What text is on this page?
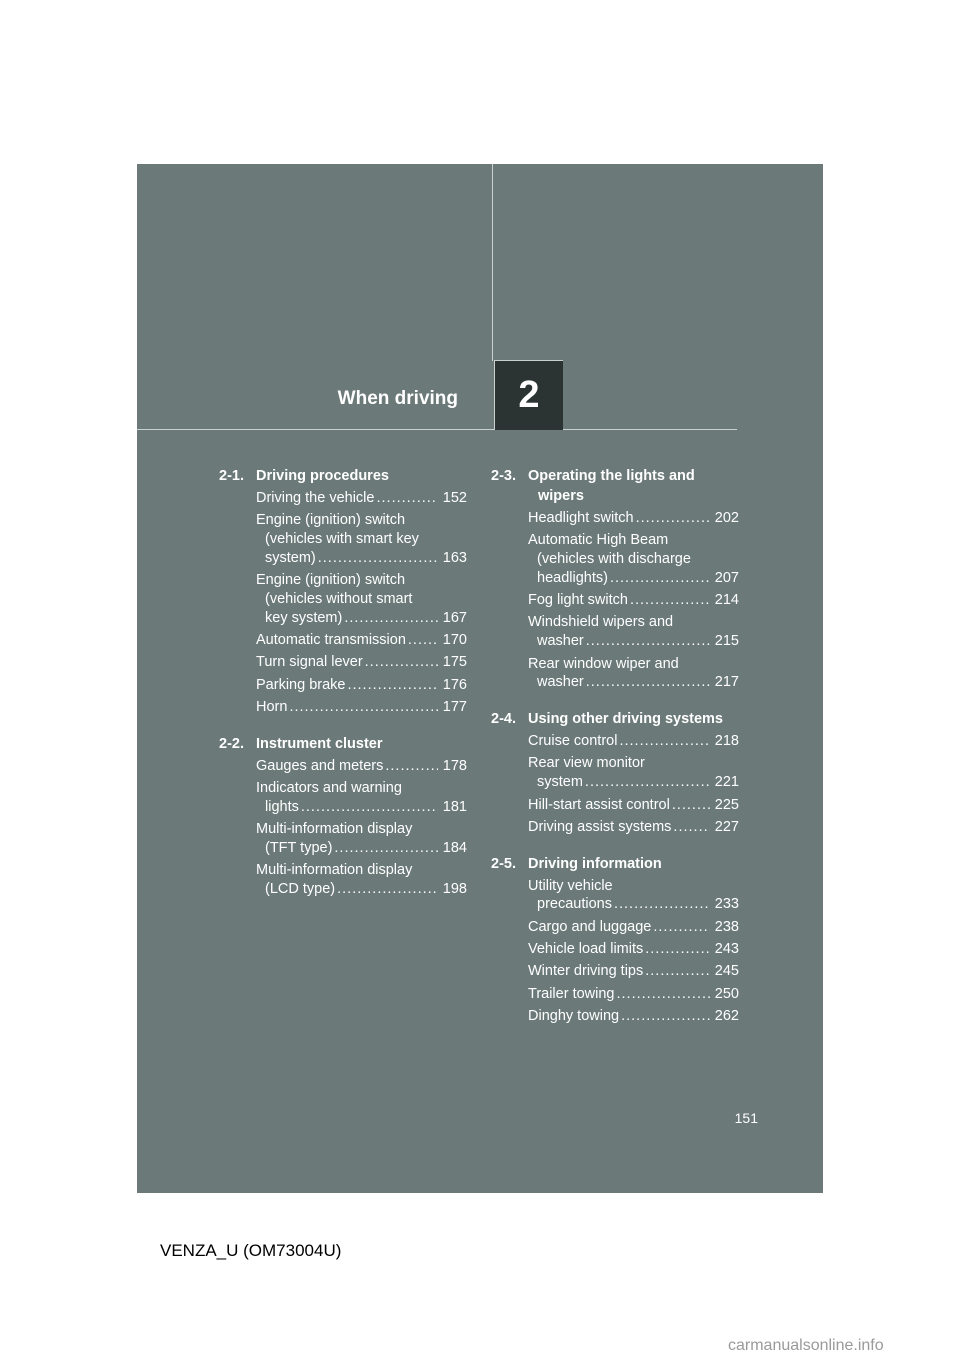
When driving 2
2-1. Driving procedures
Driving the vehicle .....	152
Engine (ignition) switch
(vehicles with smart key
system) .....	163
Engine (ignition) switch
(vehicles without smart
key system) .....	167
Automatic transmission .....	170
Turn signal lever .....	175
Parking brake .....	176
Horn .....	177
2-2. Instrument cluster
Gauges and meters .....	178
Indicators and warning
lights .....	181
Multi-information display
(TFT type) .....	184
Multi-information display
(LCD type) .....	198
2-3. Operating the lights and wipers
Headlight switch .....	202
Automatic High Beam
(vehicles with discharge
headlights) .....	207
Fog light switch .....	214
Windshield wipers and
washer .....	215
Rear window wiper and
washer .....	217
2-4. Using other driving systems
Cruise control .....	218
Rear view monitor
system .....	221
Hill-start assist control .....	225
Driving assist systems .....	227
2-5. Driving information
Utility vehicle
precautions .....	233
Cargo and luggage .....	238
Vehicle load limits .....	243
Winter driving tips .....	245
Trailer towing .....	250
Dinghy towing .....	262
151
VENZA_U (OM73004U)
carmanualsonline.info
